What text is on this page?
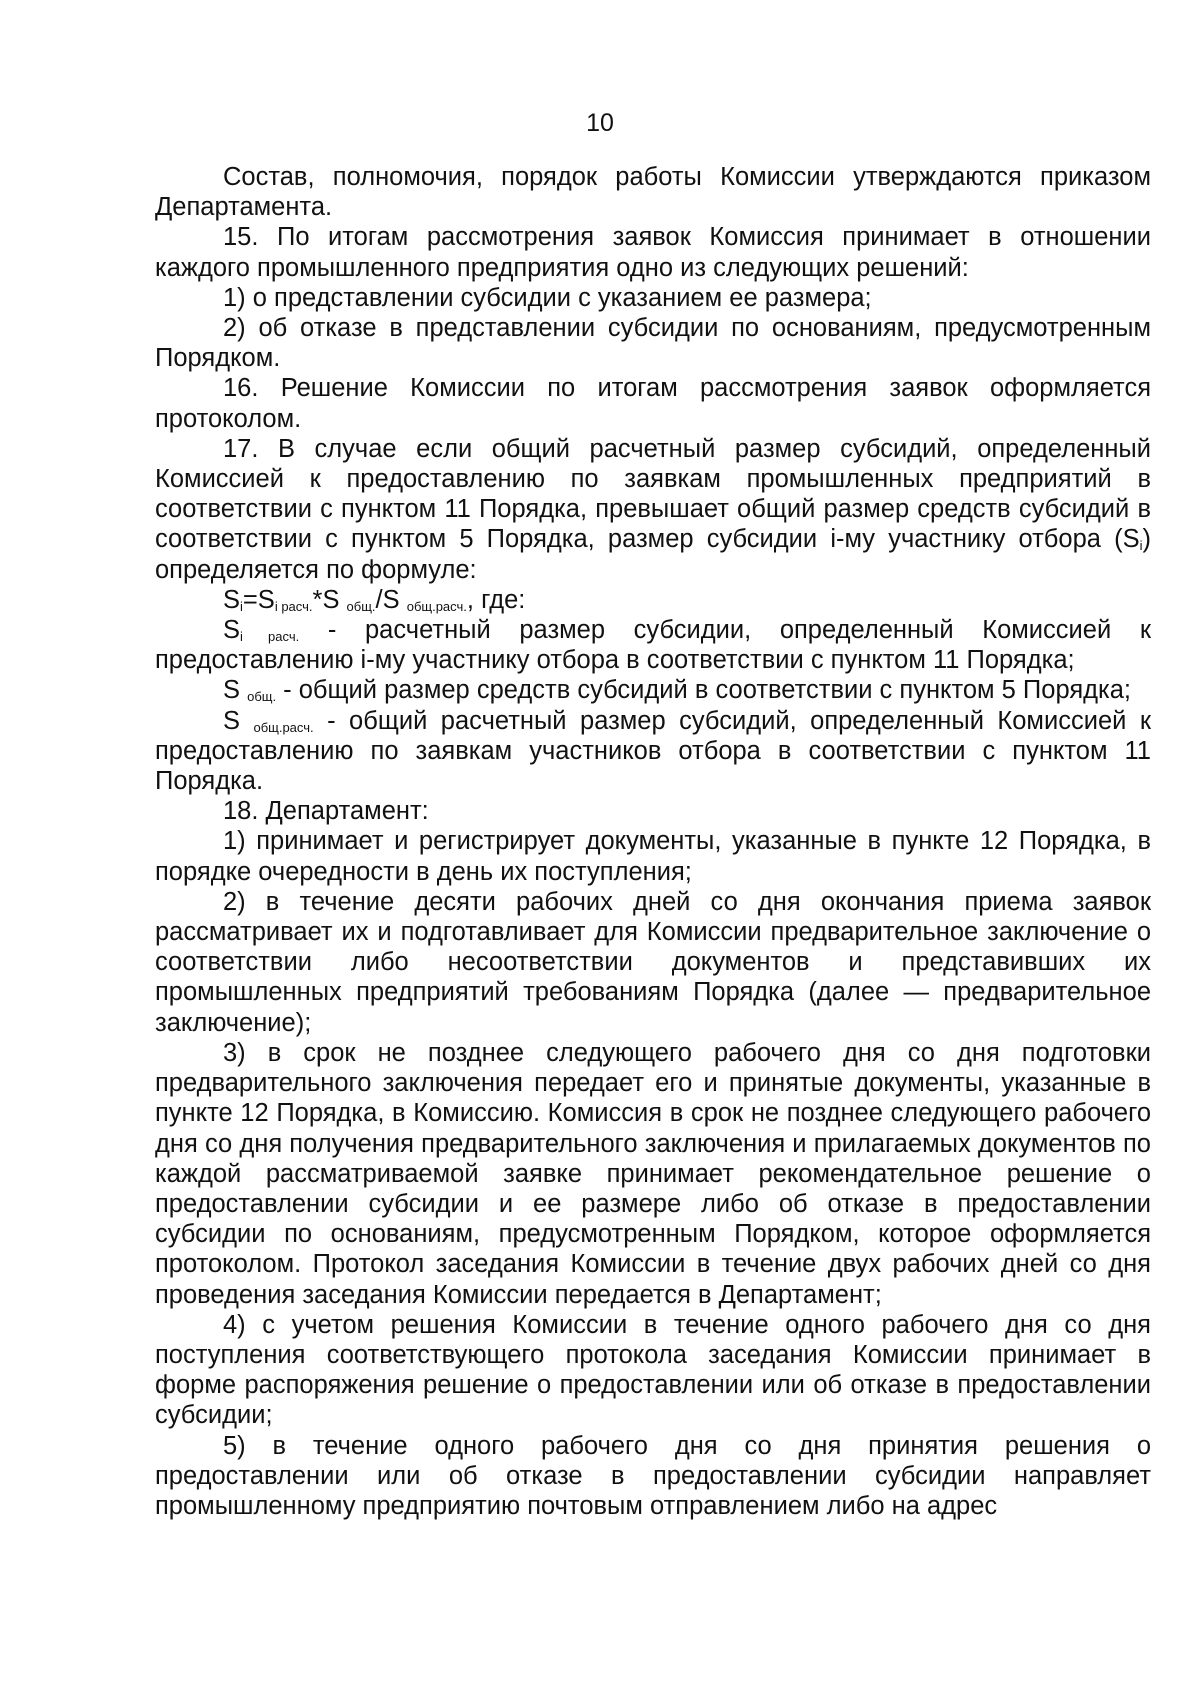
10

Состав, полномочия, порядок работы Комиссии утверждаются приказом Департамента.

15. По итогам рассмотрения заявок Комиссия принимает в отношении каждого промышленного предприятия одно из следующих решений:

1) о представлении субсидии с указанием ее размера;

2) об отказе в представлении субсидии по основаниям, предусмотренным Порядком.

16. Решение Комиссии по итогам рассмотрения заявок оформляется протоколом.

17. В случае если общий расчетный размер субсидий, определенный Комиссией к предоставлению по заявкам промышленных предприятий в соответствии с пунктом 11 Порядка, превышает общий размер средств субсидий в соответствии с пунктом 5 Порядка, размер субсидии i-му участнику отбора $(S_i)$ определяется по формуле:

$S_i=S_{i расч.}*S$ $_{общ.}$/S $_{общ.расч.}$, где:

$S_{i расч.}$ - расчетный размер субсидии, определенный Комиссией к предоставлению i-му участнику отбора в соответствии с пунктом 11 Порядка;

S $_{общ.}$ - общий размер средств субсидий в соответствии с пунктом 5 Порядка;

S $_{общ.расч.}$ - общий расчетный размер субсидий, определенный Комиссией к предоставлению по заявкам участников отбора в соответствии с пунктом 11 Порядка.

18. Департамент:

1) принимает и регистрирует документы, указанные в пункте 12 Порядка, в порядке очередности в день их поступления;

2) в течение десяти рабочих дней со дня окончания приема заявок рассматривает их и подготавливает для Комиссии предварительное заключение о соответствии либо несоответствии документов и представивших их промышленных предприятий требованиям Порядка (далее — предварительное заключение);

3) в срок не позднее следующего рабочего дня со дня подготовки предварительного заключения передает его и принятые документы, указанные в пункте 12 Порядка, в Комиссию. Комиссия в срок не позднее следующего рабочего дня со дня получения предварительного заключения и прилагаемых документов по каждой рассматриваемой заявке принимает рекомендательное решение о предоставлении субсидии и ее размере либо об отказе в предоставлении субсидии по основаниям, предусмотренным Порядком, которое оформляется протоколом. Протокол заседания Комиссии в течение двух рабочих дней со дня проведения заседания Комиссии передается в Департамент;

4) с учетом решения Комиссии в течение одного рабочего дня со дня поступления соответствующего протокола заседания Комиссии принимает в форме распоряжения решение о предоставлении или об отказе в предоставлении субсидии;

5) в течение одного рабочего дня со дня принятия решения о предоставлении или об отказе в предоставлении субсидии направляет промышленному предприятию почтовым отправлением либо на адрес
